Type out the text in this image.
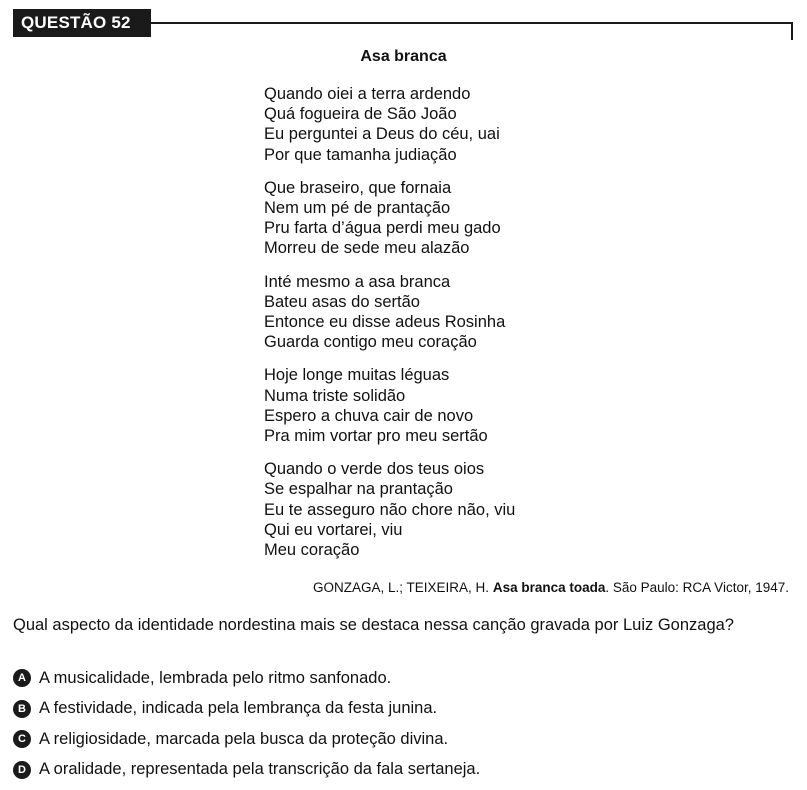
QUESTÃO 52
Asa branca
Quando oiei a terra ardendo
Quá fogueira de São João
Eu perguntei a Deus do céu, uai
Por que tamanha judiação
Que braseiro, que fornaia
Nem um pé de prantação
Pru farta d’água perdi meu gado
Morreu de sede meu alazão
Inté mesmo a asa branca
Bateu asas do sertão
Entonce eu disse adeus Rosinha
Guarda contigo meu coração
Hoje longe muitas léguas
Numa triste solidão
Espero a chuva cair de novo
Pra mim vortar pro meu sertão
Quando o verde dos teus oios
Se espalhar na prantação
Eu te asseguro não chore não, viu
Qui eu vortarei, viu
Meu coração
GONZAGA, L.; TEIXEIRA, H. Asa branca toada. São Paulo: RCA Victor, 1947.
Qual aspecto da identidade nordestina mais se destaca nessa canção gravada por Luiz Gonzaga?
A A musicalidade, lembrada pelo ritmo sanfonado.
B A festividade, indicada pela lembrança da festa junina.
C A religiosidade, marcada pela busca da proteção divina.
D A oralidade, representada pela transcrição da fala sertaneja.
